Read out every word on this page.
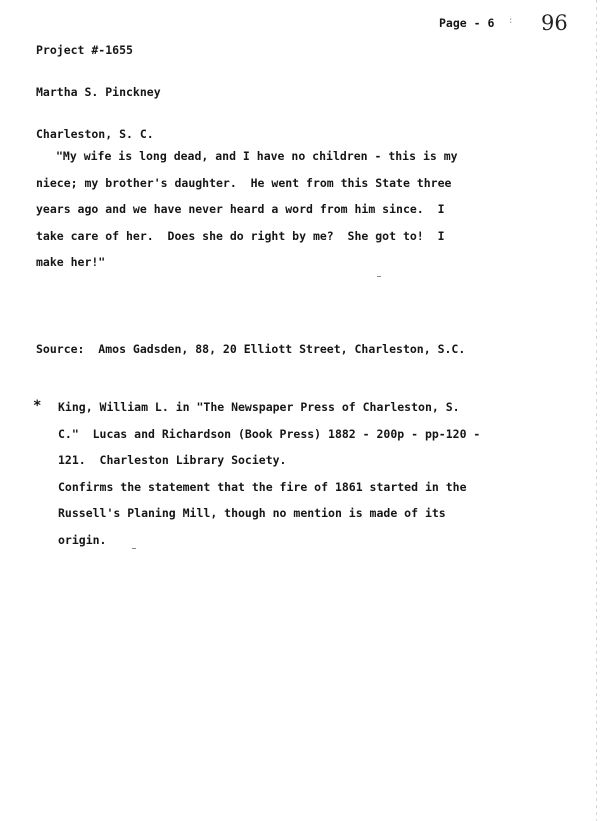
Project #-1655

Martha S. Pinckney

Charleston, S. C.

Page - 6 : 96
"My wife is long dead, and I have no children - this is my
niece; my brother's daughter.  He went from this State three
years ago and we have never heard a word from him since.  I
take care of her.  Does she do right by me?  She got to!  I
make her!"
Source:  Amos Gadsden, 88, 20 Elliott Street, Charleston, S.C.
* King, William L. in "The Newspaper Press of Charleston, S.
C."  Lucas and Richardson (Book Press) 1882 - 200p - pp-120 -
121.  Charleston Library Society.
Confirms the statement that the fire of 1861 started in the
Russell's Planing Mill, though no mention is made of its
origin.
